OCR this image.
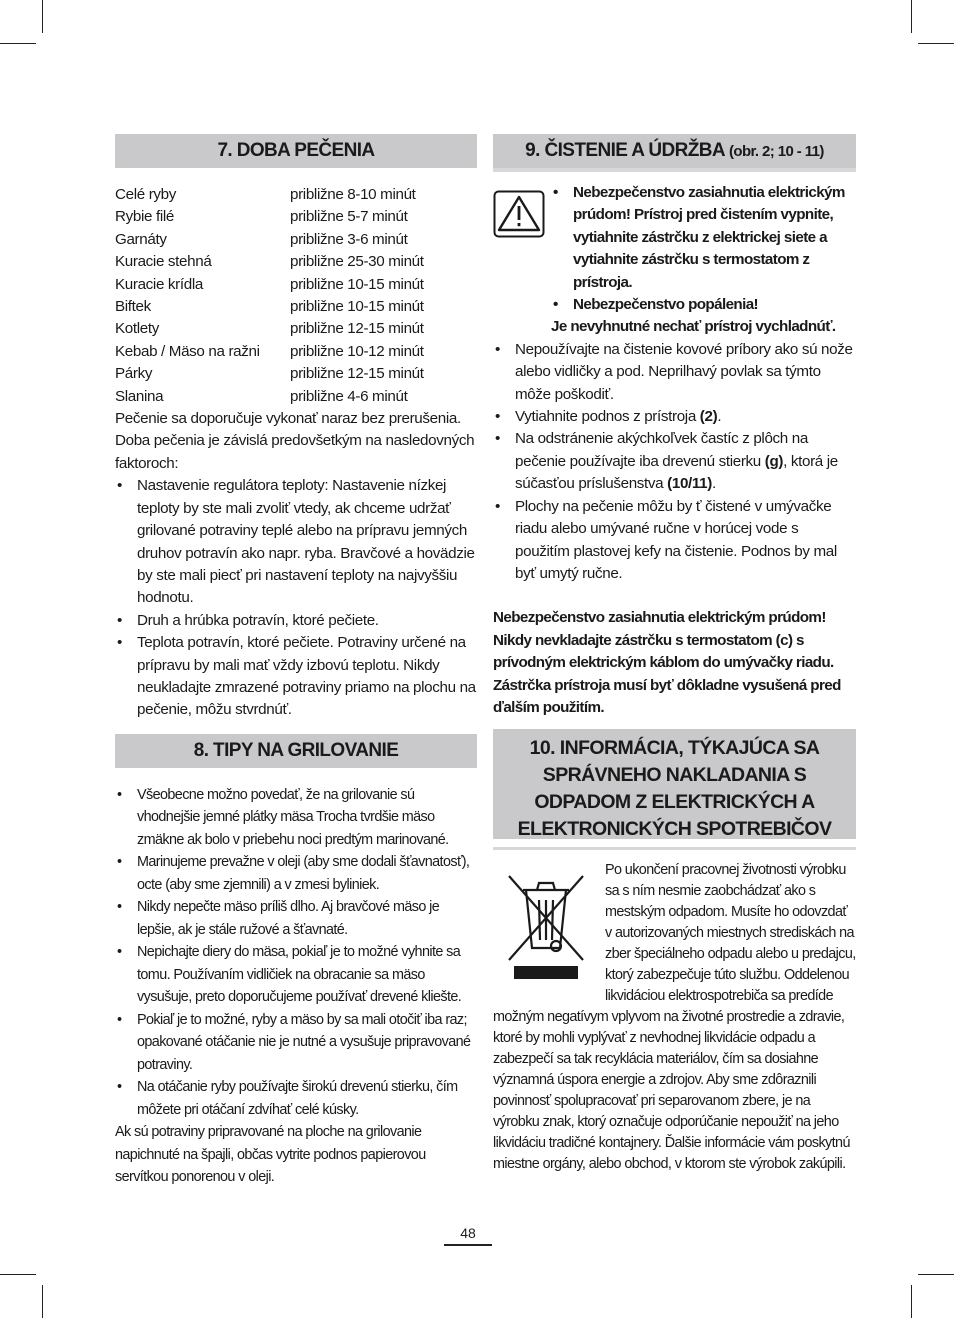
7. DOBA PEČENIA
Celé ryby	približne 8-10 minút
Rybie filé	približne 5-7 minút
Garnáty	približne 3-6 minút
Kuracie stehná	približne 25-30 minút
Kuracie krídla	približne 10-15 minút
Biftek	približne 10-15 minút
Kotlety	približne 12-15 minút
Kebab / Mäso na ražni	približne 10-12 minút
Párky	približne 12-15 minút
Slanina	približne 4-6 minút

Pečenie sa doporučuje vykonať naraz bez prerušenia.

Doba pečenia je závislá predovšetkým na nasledovných faktoroch:

• Nastavenie regulátora teploty: Nastavenie nízkej teploty by ste mali zvoliť vtedy, ak chceme udržať grilované potraviny teplé alebo na prípravu jemných druhov potravín ako napr. ryba. Bravčové a hovädzie by ste mali piecť pri nastavení teploty na najvyššiu hodnotu.
• Druh a hrúbka potravín, ktoré pečiete.
• Teplota potravín, ktoré pečiete. Potraviny určené na prípravu by mali mať vždy izbovú teplotu. Nikdy neukladajte zmrazené potraviny priamo na plochu na pečenie, môžu stvrdnúť.
8. TIPY NA GRILOVANIE
• Všeobecne možno povedať, že na grilovanie sú vhodnejšie jemné plátky mäsa Trocha tvrdšie mäso zmäkne ak bolo v priebehu noci predtým marinované.
• Marinujeme prevažne v oleji (aby sme dodali šťavnatosť), octe (aby sme zjemnili) a v zmesi byliniek.
• Nikdy nepečte mäso príliš dlho. Aj bravčové mäso je lepšie, ak je stále ružové a šťavnaté.
• Nepichajte diery do mäsa, pokiaľ je to možné vyhnite sa tomu. Používaním vidličiek na obracanie sa mäso vysušuje, preto doporučujeme používať drevené kliešte.
• Pokiaľ je to možné, ryby a mäso by sa mali otočiť iba raz; opakované otáčanie nie je nutné a vysušuje pripravované potraviny.
• Na otáčanie ryby používajte širokú drevenú stierku, čím môžete pri otáčaní zdvíhať celé kúsky.

Ak sú potraviny pripravované na ploche na grilovanie napichnuté na špajli, občas vytrite podnos papierovou servítkou ponorenou v oleji.

9. ČISTENIE A ÚDRŽBA (obr. 2; 10 - 11)
• Nebezpečenstvo zasiahnutia elektrickým prúdom! Prístroj pred čistením vypnite, vytiahnite zástrčku z elektrickej siete a vytiahnite zástrčku s termostatom z prístroja.
• Nebezpečenstvo popálenia!

Je nevyhnutné nechať prístroj vychladnúť.

• Nepoužívajte na čistenie kovové príbory ako sú nože alebo vidličky a pod. Neprilhavý povlak sa týmto môže poškodiť.
• Vytiahnite podnos z prístroja (2).
• Na odstránenie akýchkoľvek častíc z plôch na pečenie používajte iba drevenú stierku (g), ktorá je súčasťou príslušenstva (10/11).
• Plochy na pečenie môžu by ť čistené v umývačke riadu alebo umývané ručne v horúcej vode s použitím plastovej kefy na čistenie. Podnos by mal byť umytý ručne.

Nebezpečenstvo zasiahnutia elektrickým prúdom! Nikdy nevkladajte zástrčku s termostatom (c) s prívodným elektrickým káblom do umývačky riadu. Zástrčka prístroja musí byť dôkladne vysušená pred ďalším použitím.

10. INFORMÁCIA, TÝKAJÚCA SA SPRÁVNEHO NAKLADANIA S ODPADOM Z ELEKTRICKÝCH A ELEKTRONICKÝCH SPOTREBIČOV

Po ukončení pracovnej životnosti výrobku sa s ním nesmie zaobchádzať ako s mestským odpadom. Musíte ho odovzdať v autorizovaných miestnych strediskách na zber špeciálneho odpadu alebo u predajcu, ktorý zabezpečuje túto službu. Oddelenou likvidáciou elektrospotrebiča sa predíde možným negatívym vplyvom na životné prostredie a zdravie, ktoré by mohli vyplývať z nevhodnej likvidácie odpadu a zabezpečí sa tak recyklácia materiálov, čím sa dosiahne významná úspora energie a zdrojov. Aby sme zdôraznili povinnosť spolupracovať pri separovanom zbere, je na výrobku znak, ktorý označuje odporúčanie nepoužiť na jeho likvidáciu tradičné kontajnery. Ďalšie informácie vám poskytnú miestne orgány, alebo obchod, v ktorom ste výrobok zakúpili.

48
